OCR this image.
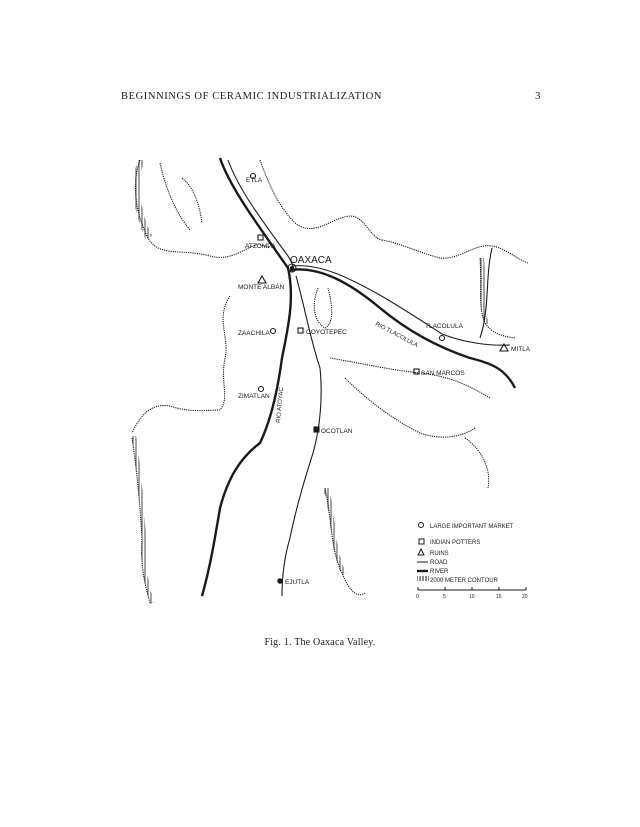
BEGINNINGS OF CERAMIC INDUSTRIALIZATION	3
ETLA
ATZOMPA
OAXACA
MONTE ALBÁN
ZAACHILA	COYOTEPEC
ZIMATLAN
OCOTLAN
EJUTLA
TLACOLULA
MITLA
SAN MARCOS
RIO ATOYAC
RIO TLACOLULA
LARGE IMPORTANT MARKET
INDIAN POTTERS
RUINS
ROAD
RIVER
2000 METER CONTOUR
0	5	10	15	20
Fig. 1. The Oaxaca Valley.
